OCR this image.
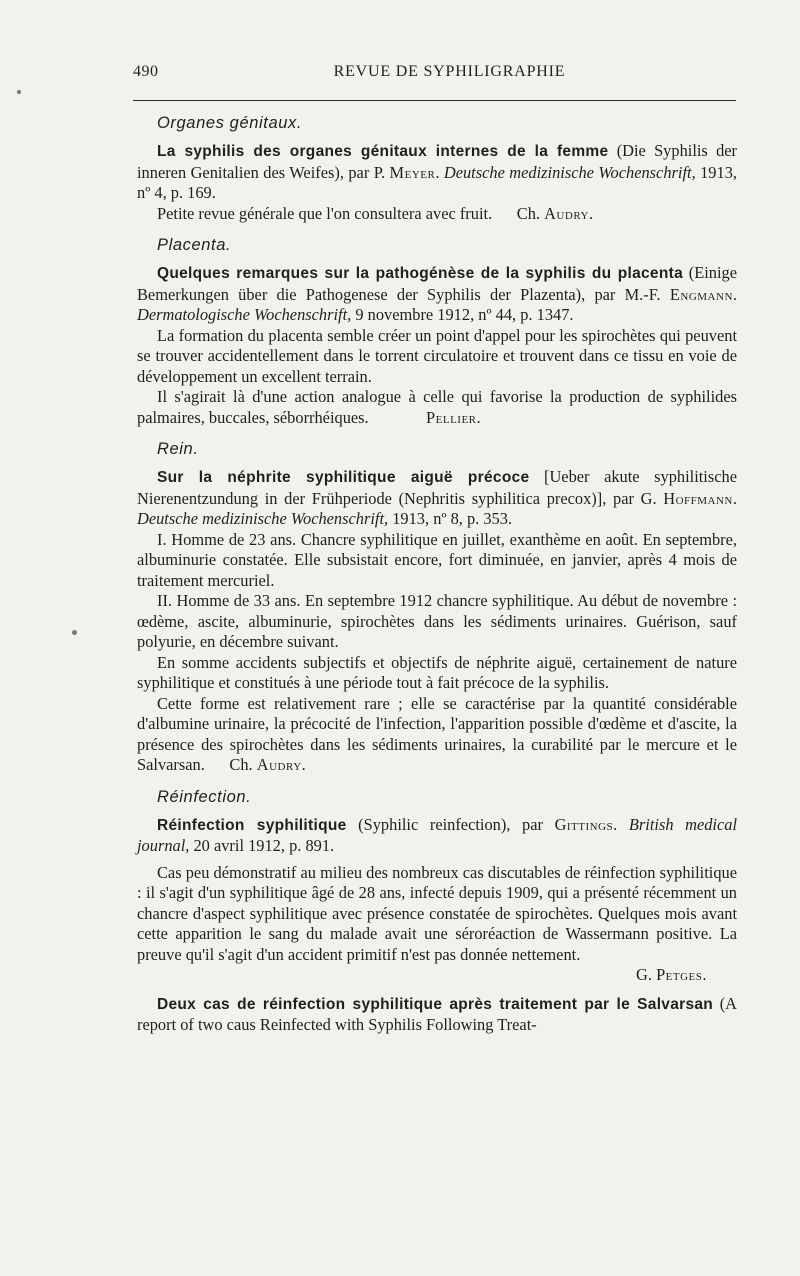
490	REVUE DE SYPHILIGRAPHIE
Organes génitaux.

La syphilis des organes génitaux internes de la femme (Die Syphilis der inneren Genitalien des Weifes), par P. Meyer. Deutsche medizinische Wochenschrift, 1913, nº 4, p. 169.

Petite revue générale que l'on consultera avec fruit. Ch. Audry.

Placenta.

Quelques remarques sur la pathogénèse de la syphilis du placenta (Einige Bemerkungen über die Pathogenese der Syphilis der Plazenta), par M.-F. Engmann. Dermatologische Wochenschrift, 9 novembre 1912, nº 44, p. 1347.

La formation du placenta semble créer un point d'appel pour les spirochètes qui peuvent se trouver accidentellement dans le torrent circulatoire et trouvent dans ce tissu en voie de développement un excellent terrain.

Il s'agirait là d'une action analogue à celle qui favorise la production de syphilides palmaires, buccales, séborrhéiques.	Pellier.

Rein.

Sur la néphrite syphilitique aiguë précoce [Ueber akute syphilitische Nierenentzundung in der Frühperiode (Nephritis syphilitica precox)], par G. Hoffmann. Deutsche medizinische Wochenschrift, 1913, nº 8, p. 353.

I. Homme de 23 ans. Chancre syphilitique en juillet, exanthème en août. En septembre, albuminurie constatée. Elle subsistait encore, fort diminuée, en janvier, après 4 mois de traitement mercuriel.

II. Homme de 33 ans. En septembre 1912 chancre syphilitique. Au début de novembre : œdème, ascite, albuminurie, spirochètes dans les sédiments urinaires. Guérison, sauf polyurie, en décembre suivant.

En somme accidents subjectifs et objectifs de néphrite aiguë, certainement de nature syphilitique et constitués à une période tout à fait précoce de la syphilis.

Cette forme est relativement rare ; elle se caractérise par la quantité considérable d'albumine urinaire, la précocité de l'infection, l'apparition possible d'œdème et d'ascite, la présence des spirochètes dans les sédiments urinaires, la curabilité par le mercure et le Salvarsan. Ch. Audry.

Réinfection.

Réinfection syphilitique (Syphilic reinfection), par Gittings. British medical journal, 20 avril 1912, p. 891.

Cas peu démonstratif au milieu des nombreux cas discutables de réinfection syphilitique : il s'agit d'un syphilitique âgé de 28 ans, infecté depuis 1909, qui a présenté récemment un chancre d'aspect syphilitique avec présence constatée de spirochètes. Quelques mois avant cette apparition le sang du malade avait une séroréaction de Wassermann positive. La preuve qu'il s'agit d'un accident primitif n'est pas donnée nettement.

G. Petges.

Deux cas de réinfection syphilitique après traitement par le Salvarsan (A report of two caus Reinfected with Syphilis Following Treat-
